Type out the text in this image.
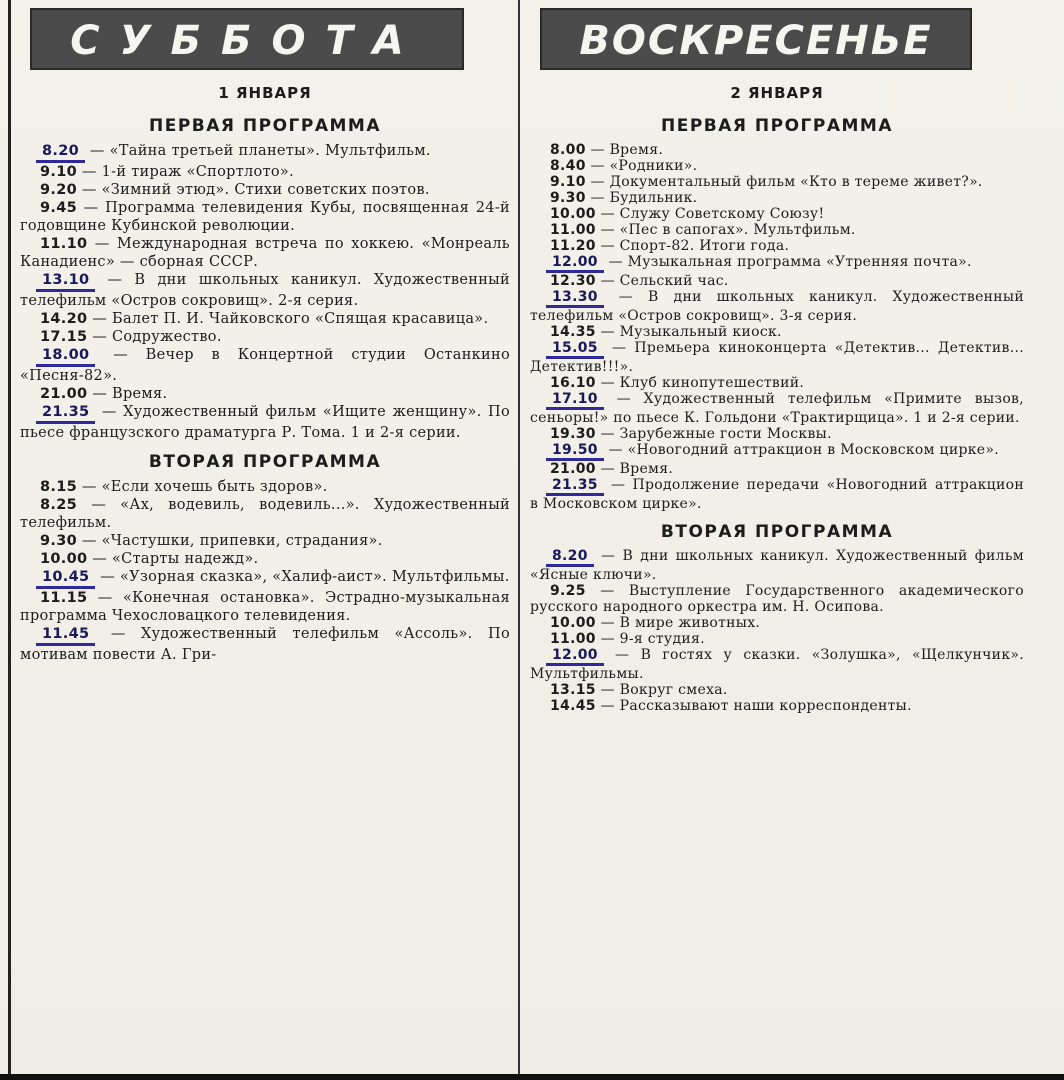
СУББОТА
1 ЯНВАРЯ
ПЕРВАЯ ПРОГРАММА

8.20 — «Тайна третьей планеты». Мультфильм.

9.10 — 1-й тираж «Спортлото».

9.20 — «Зимний этюд». Стихи советских поэтов.

9.45 — Программа телевидения Кубы, посвященная 24-й годовщине Кубинской революции.

11.10 — Международная встреча по хоккею. «Монреаль Канадиенс» — сборная СССР.

13.10 — В дни школьных каникул. Художественный телефильм «Остров сокровищ». 2-я серия.

14.20 — Балет П. И. Чайковского «Спящая красавица».

17.15 — Содружество.

18.00 — Вечер в Концертной студии Останкино «Песня-82».

21.00 — Время.

21.35 — Художественный фильм «Ищите женщину». По пьесе французского драматурга Р. Тома. 1 и 2-я серии.

ВТОРАЯ ПРОГРАММА

8.15 — «Если хочешь быть здоров».

8.25 — «Ах, водевиль, водевиль...». Художественный телефильм.

9.30 — «Частушки, припевки, страдания».

10.00 — «Старты надежд».

10.45 — «Узорная сказка», «Халиф-аист». Мультфильмы.

11.15 — «Конечная остановка». Эстрадно-музыкальная программа Чехословацкого телевидения.

11.45 — Художественный телефильм «Ассоль». По мотивам повести А. Гри-

ВОСКРЕСЕНЬЕ
2 ЯНВАРЯ
ПЕРВАЯ ПРОГРАММА

8.00 — Время.

8.40 — «Родники».

9.10 — Документальный фильм «Кто в тереме живет?».

9.30 — Будильник.

10.00 — Служу Советскому Союзу!

11.00 — «Пес в сапогах». Мультфильм.

11.20 — Спорт-82. Итоги года.

12.00 — Музыкальная программа «Утренняя почта».

12.30 — Сельский час.

13.30 — В дни школьных каникул. Художественный телефильм «Остров сокровищ». 3-я серия.

14.35 — Музыкальный киоск.

15.05 — Премьера киноконцерта «Детектив... Детектив... Детектив!!!».

16.10 — Клуб кинопутешествий.

17.10 — Художественный телефильм «Примите вызов, сеньоры!» по пьесе К. Гольдони «Трактирщица». 1 и 2-я серии.

19.30 — Зарубежные гости Москвы.

19.50 — «Новогодний аттракцион в Московском цирке».

21.00 — Время.

21.35 — Продолжение передачи «Новогодний аттракцион в Московском цирке».

ВТОРАЯ ПРОГРАММА

8.20 — В дни школьных каникул. Художественный фильм «Ясные ключи».

9.25 — Выступление Государственного академического русского народного оркестра им. Н. Осипова.

10.00 — В мире животных.

11.00 — 9-я студия.

12.00 — В гостях у сказки. «Золушка», «Щелкунчик». Мультфильмы.

13.15 — Вокруг смеха.

14.45 — Рассказывают наши корреспонденты.
